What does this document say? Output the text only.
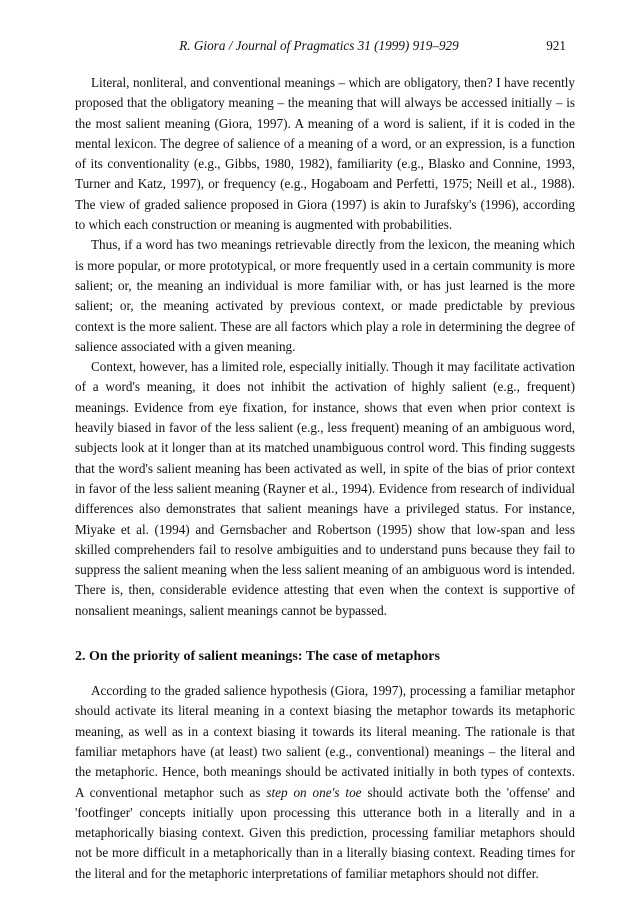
R. Giora / Journal of Pragmatics 31 (1999) 919–929	921

Literal, nonliteral, and conventional meanings – which are obligatory, then? I have recently proposed that the obligatory meaning – the meaning that will always be accessed initially – is the most salient meaning (Giora, 1997). A meaning of a word is salient, if it is coded in the mental lexicon. The degree of salience of a meaning of a word, or an expression, is a function of its conventionality (e.g., Gibbs, 1980, 1982), familiarity (e.g., Blasko and Connine, 1993, Turner and Katz, 1997), or frequency (e.g., Hogaboam and Perfetti, 1975; Neill et al., 1988). The view of graded salience proposed in Giora (1997) is akin to Jurafsky's (1996), according to which each construction or meaning is augmented with probabilities.

Thus, if a word has two meanings retrievable directly from the lexicon, the meaning which is more popular, or more prototypical, or more frequently used in a certain community is more salient; or, the meaning an individual is more familiar with, or has just learned is the more salient; or, the meaning activated by previous context, or made predictable by previous context is the more salient. These are all factors which play a role in determining the degree of salience associated with a given meaning.

Context, however, has a limited role, especially initially. Though it may facilitate activation of a word's meaning, it does not inhibit the activation of highly salient (e.g., frequent) meanings. Evidence from eye fixation, for instance, shows that even when prior context is heavily biased in favor of the less salient (e.g., less frequent) meaning of an ambiguous word, subjects look at it longer than at its matched unambiguous control word. This finding suggests that the word's salient meaning has been activated as well, in spite of the bias of prior context in favor of the less salient meaning (Rayner et al., 1994). Evidence from research of individual differences also demonstrates that salient meanings have a privileged status. For instance, Miyake et al. (1994) and Gernsbacher and Robertson (1995) show that low-span and less skilled comprehenders fail to resolve ambiguities and to understand puns because they fail to suppress the salient meaning when the less salient meaning of an ambiguous word is intended. There is, then, considerable evidence attesting that even when the context is supportive of nonsalient meanings, salient meanings cannot be bypassed.

2. On the priority of salient meanings: The case of metaphors

According to the graded salience hypothesis (Giora, 1997), processing a familiar metaphor should activate its literal meaning in a context biasing the metaphor towards its metaphoric meaning, as well as in a context biasing it towards its literal meaning. The rationale is that familiar metaphors have (at least) two salient (e.g., conventional) meanings – the literal and the metaphoric. Hence, both meanings should be activated initially in both types of contexts. A conventional metaphor such as step on one's toe should activate both the 'offense' and 'footfinger' concepts initially upon processing this utterance both in a literally and in a metaphorically biasing context. Given this prediction, processing familiar metaphors should not be more difficult in a metaphorically than in a literally biasing context. Reading times for the literal and for the metaphoric interpretations of familiar metaphors should not differ.
